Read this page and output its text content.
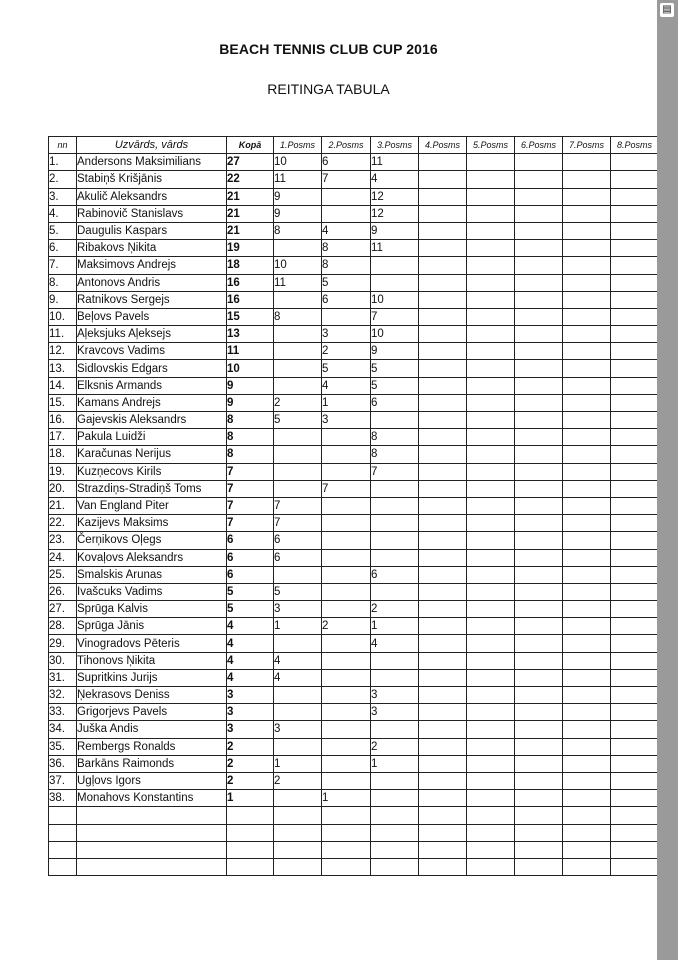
BEACH TENNIS CLUB CUP 2016
REITINGA TABULA
nn	Uzvārds, vārds	Kopā	1.Posms	2.Posms	3.Posms	4.Posms	5.Posms	6.Posms	7.Posms	8.Posms
1.	Andersons Maksimilians	27	10	6	11					
2.	Stabiņš Krišjānis	22	11	7	4					
3.	Akulič Aleksandrs	21	9		12					
4.	Rabinovič Stanislavs	21	9		12					
5.	Daugulis Kaspars	21	8	4	9					
6.	Ribakovs Ņikita	19		8	11					
7.	Maksimovs Andrejs	18	10	8						
8.	Antonovs Andris	16	11	5						
9.	Ratnikovs Sergejs	16		6	10					
10.	Beļovs Pavels	15	8		7					
11.	Aļeksjuks Aļeksejs	13		3	10					
12.	Kravcovs Vadims	11		2	9					
13.	Sidlovskis Edgars	10		5	5					
14.	Elksnis Armands	9		4	5					
15.	Kamans Andrejs	9	2	1	6					
16.	Gajevskis Aleksandrs	8	5	3						
17.	Pakula Luidži	8			8					
18.	Karačunas Nerijus	8			8					
19.	Kuzņecovs Kirils	7			7					
20.	Strazdiņs-Stradiņš Toms	7		7						
21.	Van England Piter	7	7							
22.	Kazijevs Maksims	7	7							
23.	Čerņikovs Oļegs	6	6							
24.	Kovaļovs Aleksandrs	6	6							
25.	Smalskis Arunas	6			6					
26.	Ivašcuks Vadims	5	5							
27.	Sprūga Kalvis	5	3		2					
28.	Sprūga Jānis	4	1	2	1					
29.	Vinogradovs Pēteris	4			4					
30.	Tihonovs Ņikita	4	4							
31.	Supritkins Jurijs	4	4							
32.	Ņekrasovs Deniss	3			3					
33.	Grigorjevs Pavels	3			3					
34.	Juška Andis	3	3							
35.	Rembergs Ronalds	2			2					
36.	Barkāns Raimonds	2	1		1					
37.	Ugļovs Igors	2	2							
38.	Monahovs Konstantins	1		1						

▤
